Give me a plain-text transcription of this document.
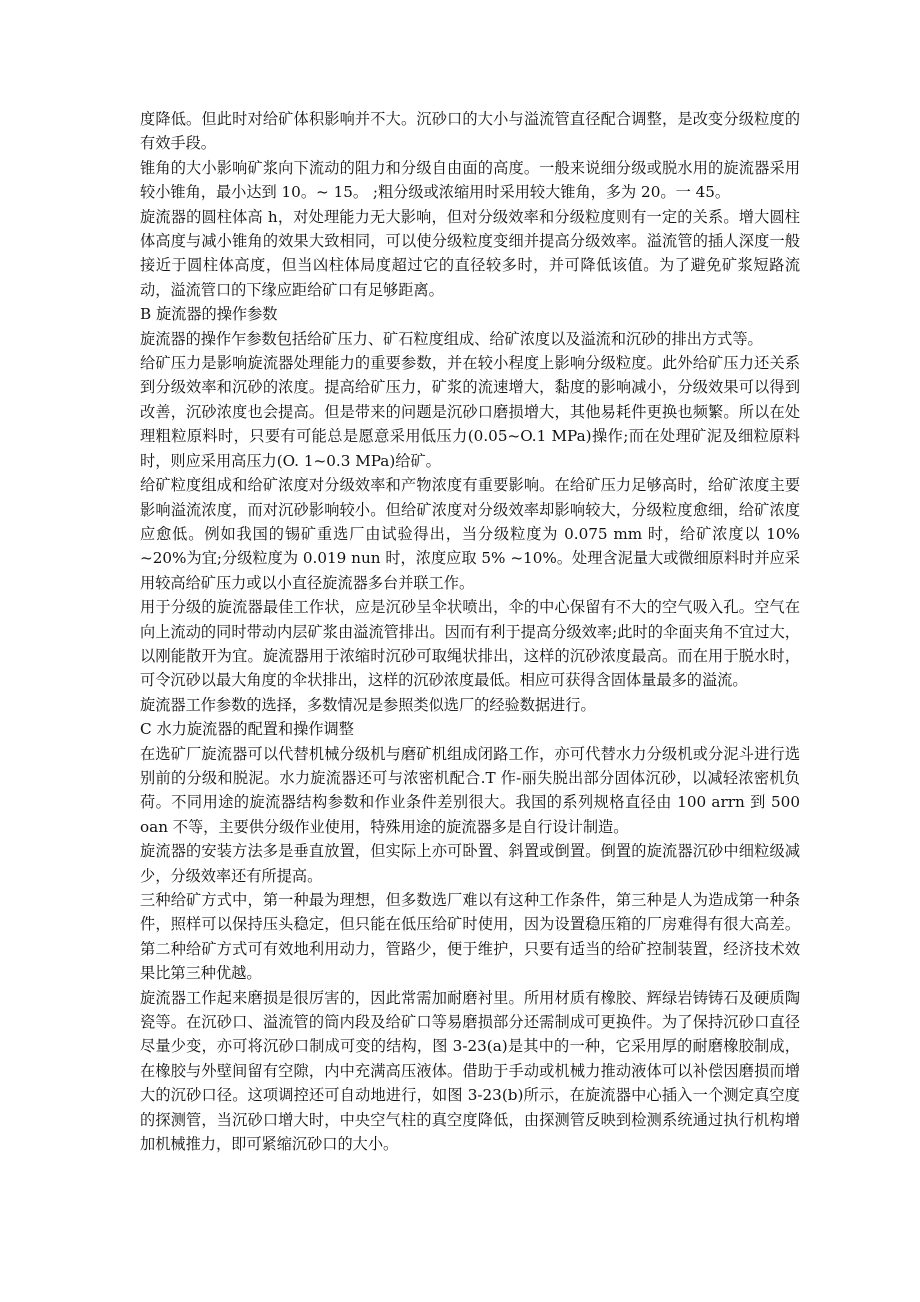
度降低。但此时对给矿体积影响并不大。沉砂口的大小与溢流管直径配合调整，是改变分级粒度的有效手段。

锥角的大小影响矿浆向下流动的阻力和分级自由面的高度。一般来说细分级或脱水用的旋流器采用较小锥角，最小达到 10。~ 15。 ;粗分级或浓缩用时采用较大锥角，多为 20。一 45。

旋流器的圆柱体高 h，对处理能力无大影响，但对分级效率和分级粒度则有一定的关系。增大圆柱体高度与减小锥角的效果大致相同，可以使分级粒度变细并提高分级效率。溢流管的插人深度一般接近于圆柱体高度，但当凶柱体局度超过它的直径较多时，并可降低该值。为了避免矿浆短路流动，溢流管口的下缘应距给矿口有足够距离。

B 旋流器的操作参数

旋流器的操作乍参数包括给矿压力、矿石粒度组成、给矿浓度以及溢流和沉砂的排出方式等。

给矿压力是影响旋流器处理能力的重要参数，并在较小程度上影响分级粒度。此外给矿压力还关系到分级效率和沉砂的浓度。提高给矿压力，矿浆的流速增大，黏度的影响减小，分级效果可以得到改善，沉砂浓度也会提高。但是带来的问题是沉砂口磨损增大，其他易耗件更换也频繁。所以在处理粗粒原料时，只要有可能总是愿意采用低压力(0.05~O.1 MPa)操作;而在处理矿泥及细粒原料时，则应采用高压力(O. 1~0.3 MPa)给矿。

给矿粒度组成和给矿浓度对分级效率和产物浓度有重要影响。在给矿压力足够高时，给矿浓度主要影响溢流浓度，而对沉砂影响较小。但给矿浓度对分级效率却影响较大，分级粒度愈细，给矿浓度应愈低。例如我国的锡矿重选厂由试验得出，当分级粒度为 0.075 mm 时，给矿浓度以 10% ~20%为宜;分级粒度为 0.019 nun 时，浓度应取 5% ~10%。处理含泥量大或微细原料时并应采用较高给矿压力或以小直径旋流器多台并联工作。

用于分级的旋流器最佳工作状，应是沉砂呈伞状喷出，伞的中心保留有不大的空气吸入孔。空气在向上流动的同时带动内层矿浆由溢流管排出。因而有利于提高分级效率;此时的伞面夹角不宜过大，以刚能散开为宜。旋流器用于浓缩时沉砂可取绳状排出，这样的沉砂浓度最高。而在用于脱水时，可令沉砂以最大角度的伞状排出，这样的沉砂浓度最低。相应可获得含固体量最多的溢流。

旋流器工作参数的选择，多数情况是参照类似选厂的经验数据进行。

C 水力旋流器的配置和操作调整

在选矿厂旋流器可以代替机械分级机与磨矿机组成闭路工作，亦可代替水力分级机或分泥斗进行选别前的分级和脱泥。水力旋流器还可与浓密机配合.T 作-丽失脱出部分固体沉砂，以减轻浓密机负荷。不同用途的旋流器结构参数和作业条件差别很大。我国的系列规格直径由 100 arrn 到 500 oan 不等，主要供分级作业使用，特殊用途的旋流器多是自行设计制造。

旋流器的安装方法多是垂直放置，但实际上亦可卧置、斜置或倒置。倒置的旋流器沉砂中细粒级减少，分级效率还有所提高。

三种给矿方式中，第一种最为理想，但多数选厂难以有这种工作条件，第三种是人为造成第一种条件，照样可以保持压头稳定，但只能在低压给矿时使用，因为设置稳压箱的厂房难得有很大高差。第二种给矿方式可有效地利用动力，管路少，便于维护，只要有适当的给矿控制装置，经济技术效果比第三种优越。

旋流器工作起来磨损是很厉害的，因此常需加耐磨衬里。所用材质有橡胶、辉绿岩铸铸石及硬质陶瓷等。在沉砂口、溢流管的筒内段及给矿口等易磨损部分还需制成可更换件。为了保持沉砂口直径尽量少变，亦可将沉砂口制成可变的结构，图 3-23(a)是其中的一种，它采用厚的耐磨橡胶制成，在橡胶与外壁间留有空隙，内中充满高压液体。借助于手动或机械力推动液体可以补偿因磨损而增大的沉砂口径。这项调控还可自动地进行，如图 3-23(b)所示，在旋流器中心插入一个测定真空度的探测管，当沉砂口增大时，中央空气柱的真空度降低，由探测管反映到检测系统通过执行机构增加机械推力，即可紧缩沉砂口的大小。
